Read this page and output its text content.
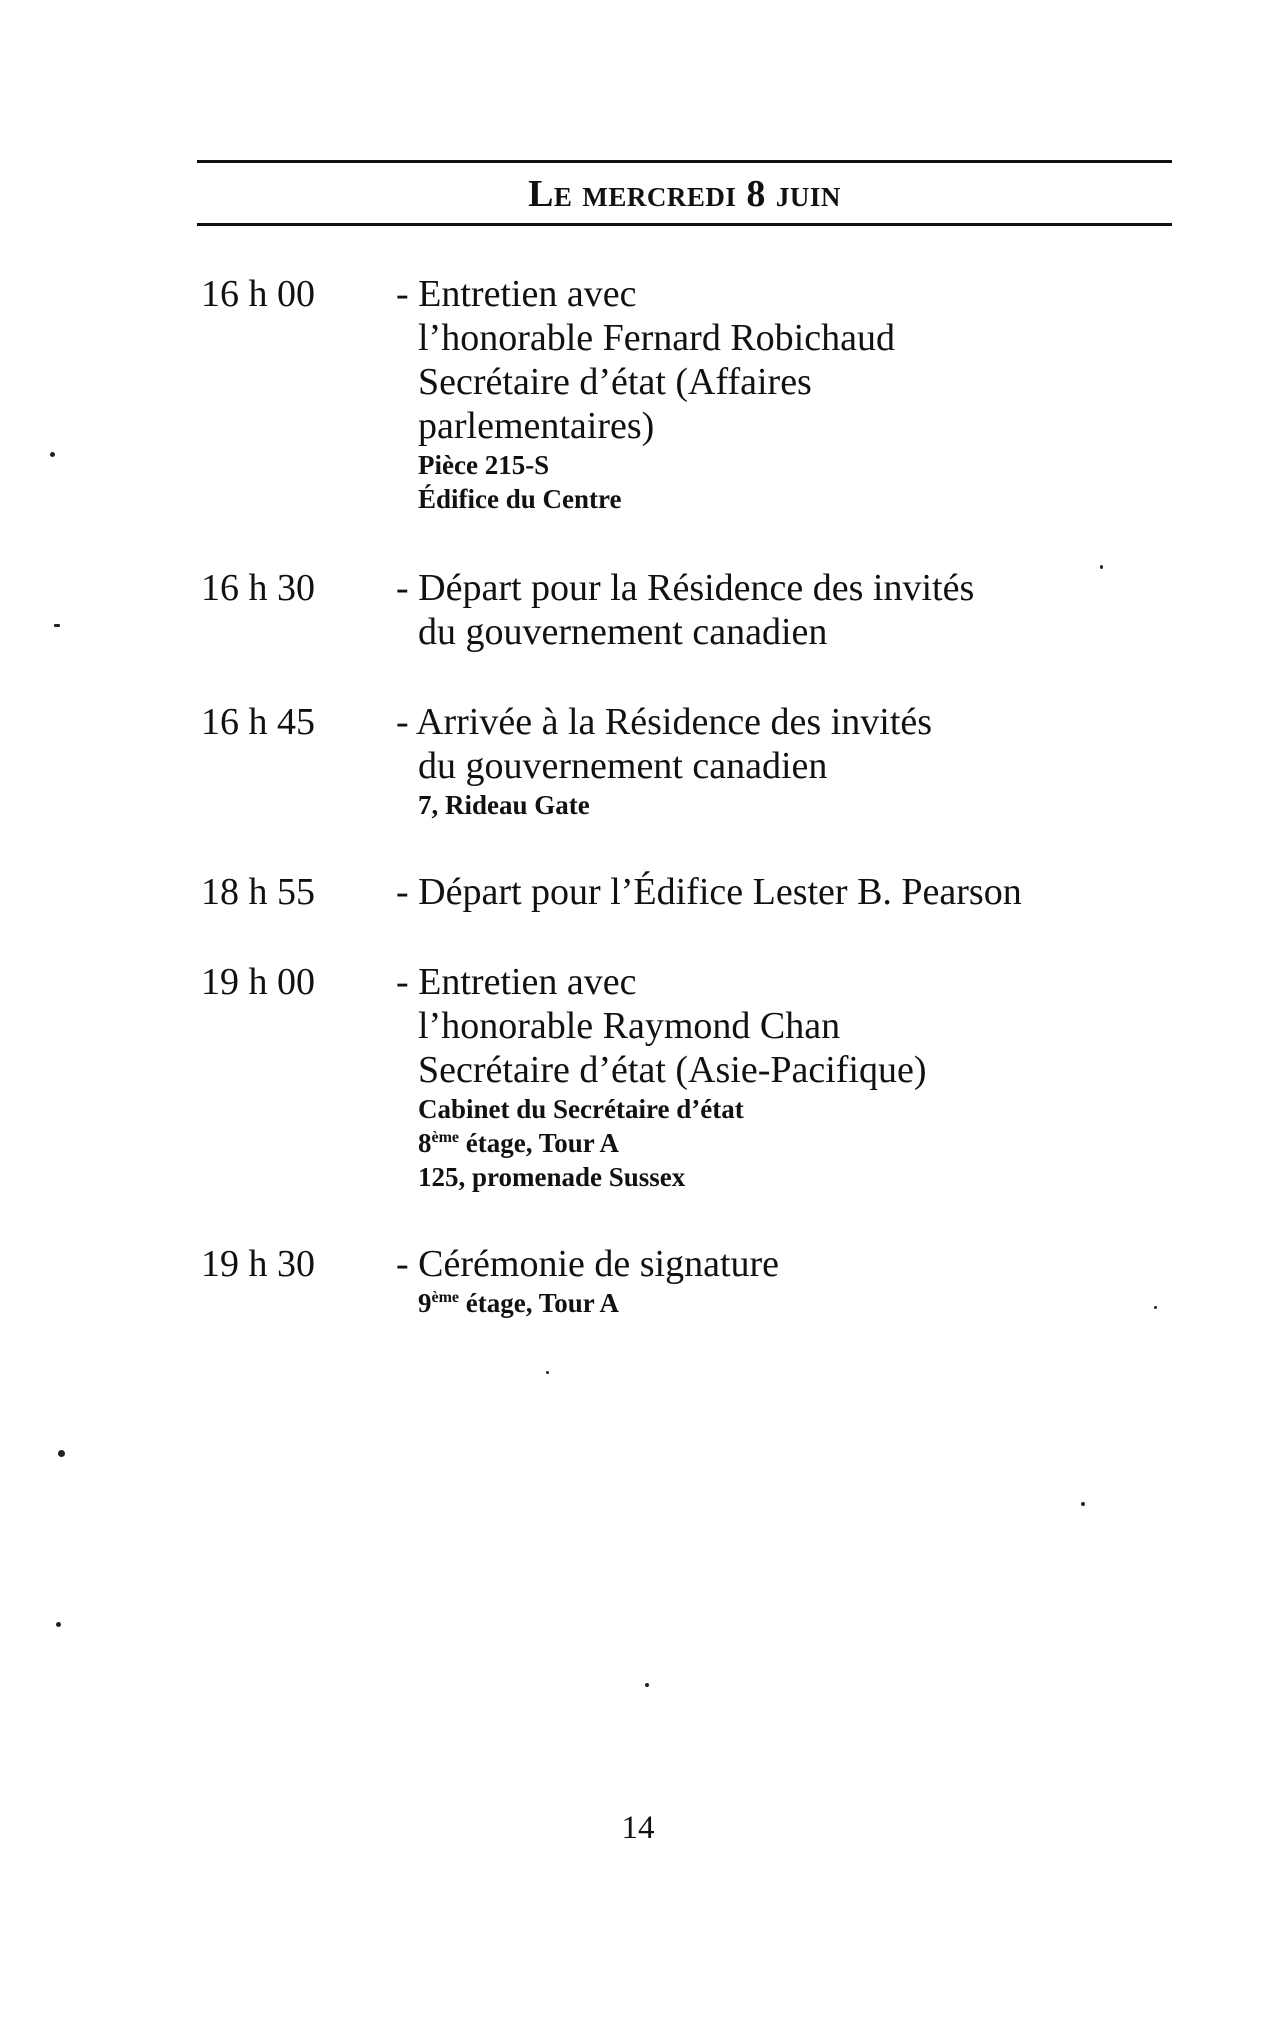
Le mercredi 8 juin
16 h 00 - Entretien avec
l’honorable Fernard Robichaud
Secrétaire d’état (Affaires
parlementaires)
Pièce 215-S
Édifice du Centre
16 h 30 - Départ pour la Résidence des invités
du gouvernement canadien
16 h 45 - Arrivée à la Résidence des invités
du gouvernement canadien
7, Rideau Gate
18 h 55 - Départ pour l’Édifice Lester B. Pearson
19 h 00 - Entretien avec
l’honorable Raymond Chan
Secrétaire d’état (Asie-Pacifique)
Cabinet du Secrétaire d’état
8ème étage, Tour A
125, promenade Sussex
19 h 30 - Cérémonie de signature
9ème étage, Tour A
14
